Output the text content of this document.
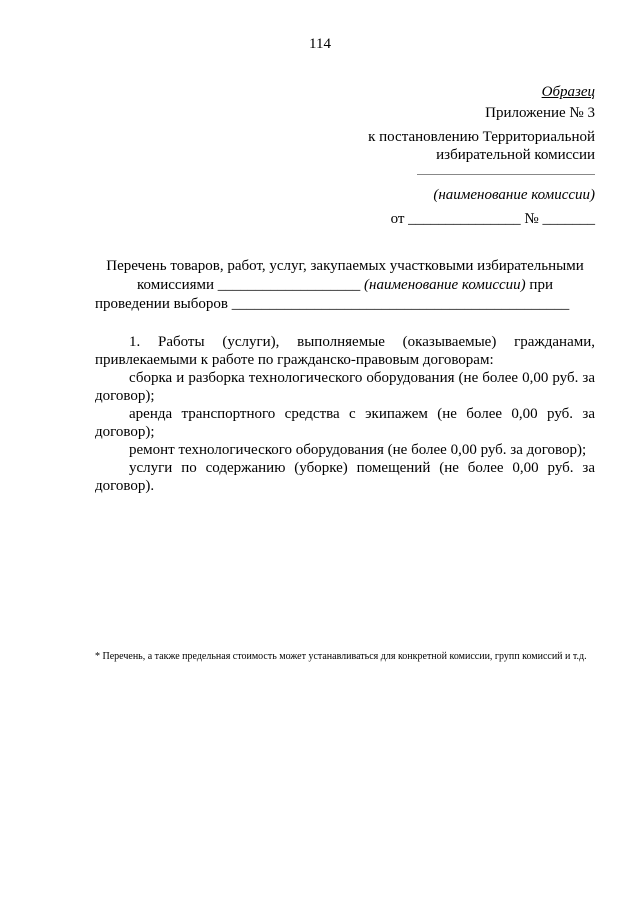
114
Образец
Приложение № 3
к постановлению Территориальной
избирательной комиссии
(наименование комиссии)
от _______________ № _______
Перечень товаров, работ, услуг, закупаемых участковыми избирательными
комиссиями ___________________ (наименование комиссии) при
проведении выборов _____________________________________________

1. Работы (услуги), выполняемые (оказываемые) гражданами, привлекаемыми к работе по гражданско-правовым договорам:

сборка и разборка технологического оборудования (не более 0,00 руб. за договор);

аренда транспортного средства с экипажем (не более 0,00 руб. за договор);

ремонт технологического оборудования (не более 0,00 руб. за договор);

услуги по содержанию (уборке) помещений (не более 0,00 руб. за договор).

* Перечень, а также предельная стоимость может устанавливаться для конкретной комиссии, групп комиссий и т.д.
